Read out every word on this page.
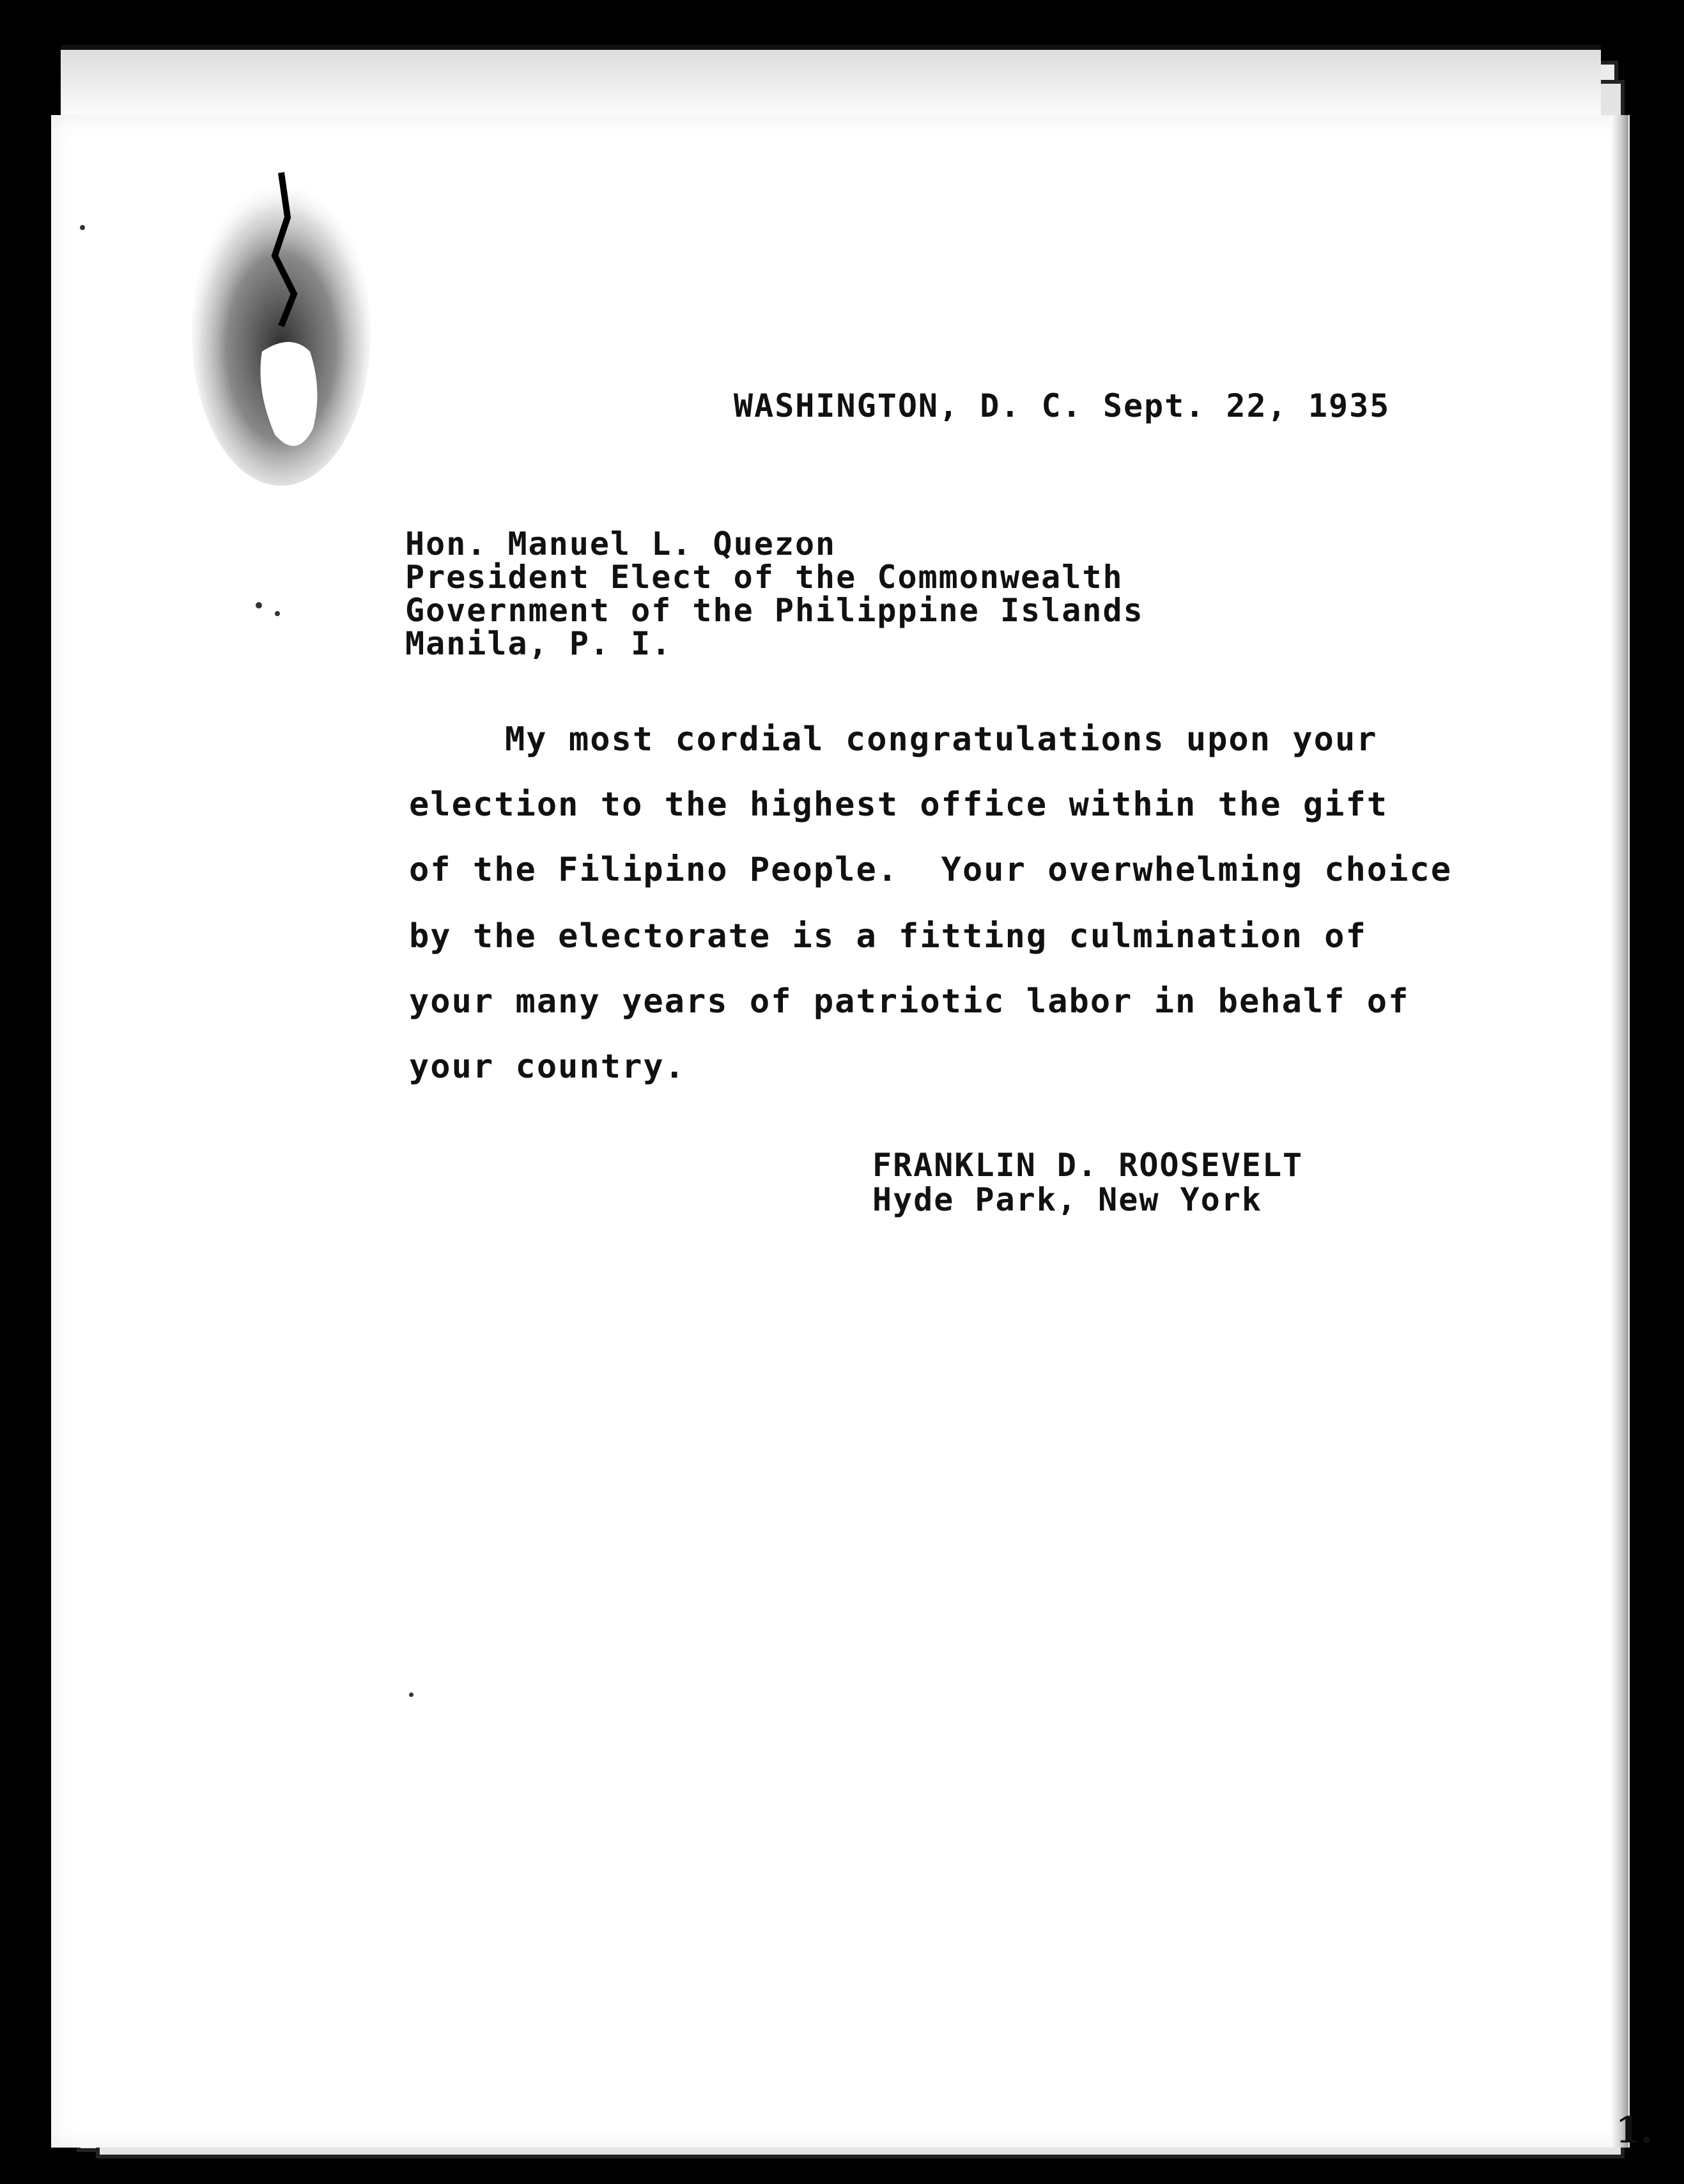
WASHINGTON, D. C. Sept. 22, 1935
Hon. Manuel L. Quezon
President Elect of the Commonwealth
Government of the Philippine Islands
Manila, P. I.
My most cordial congratulations upon your
election to the highest office within the gift
of the Filipino People.  Your overwhelming choice
by the electorate is a fitting culmination of
your many years of patriotic labor in behalf of
your country.
FRANKLIN D. ROOSEVELT
Hyde Park, New York
1.
